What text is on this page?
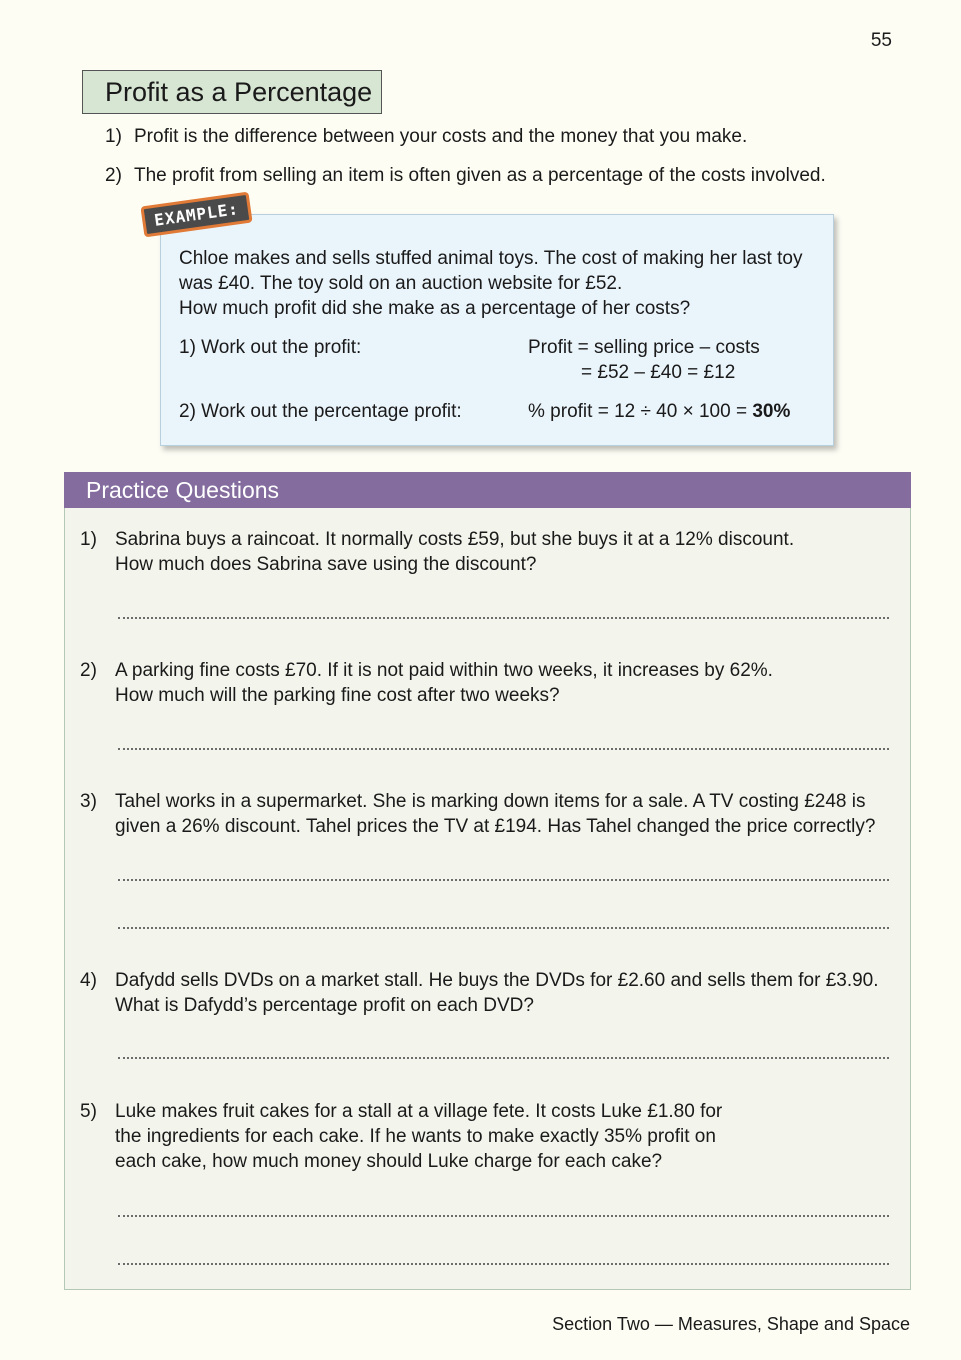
55
Profit as a Percentage
1) Profit is the difference between your costs and the money that you make.
2) The profit from selling an item is often given as a percentage of the costs involved.
EXAMPLE:
Chloe makes and sells stuffed animal toys. The cost of making her last toy
was £40. The toy sold on an auction website for £52.
How much profit did she make as a percentage of her costs?
1) Work out the profit:	Profit = selling price – costs
= £52 – £40 = £12
2) Work out the percentage profit:	% profit = 12 ÷ 40 × 100 = 30%
Practice Questions
1) Sabrina buys a raincoat. It normally costs £59, but she buys it at a 12% discount.
How much does Sabrina save using the discount?
2) A parking fine costs £70. If it is not paid within two weeks, it increases by 62%.
How much will the parking fine cost after two weeks?
3) Tahel works in a supermarket. She is marking down items for a sale. A TV costing £248 is
given a 26% discount. Tahel prices the TV at £194. Has Tahel changed the price correctly?
4) Dafydd sells DVDs on a market stall. He buys the DVDs for £2.60 and sells them for £3.90.
What is Dafydd’s percentage profit on each DVD?
5) Luke makes fruit cakes for a stall at a village fete. It costs Luke £1.80 for
the ingredients for each cake. If he wants to make exactly 35% profit on
each cake, how much money should Luke charge for each cake?
Section Two — Measures, Shape and Space
